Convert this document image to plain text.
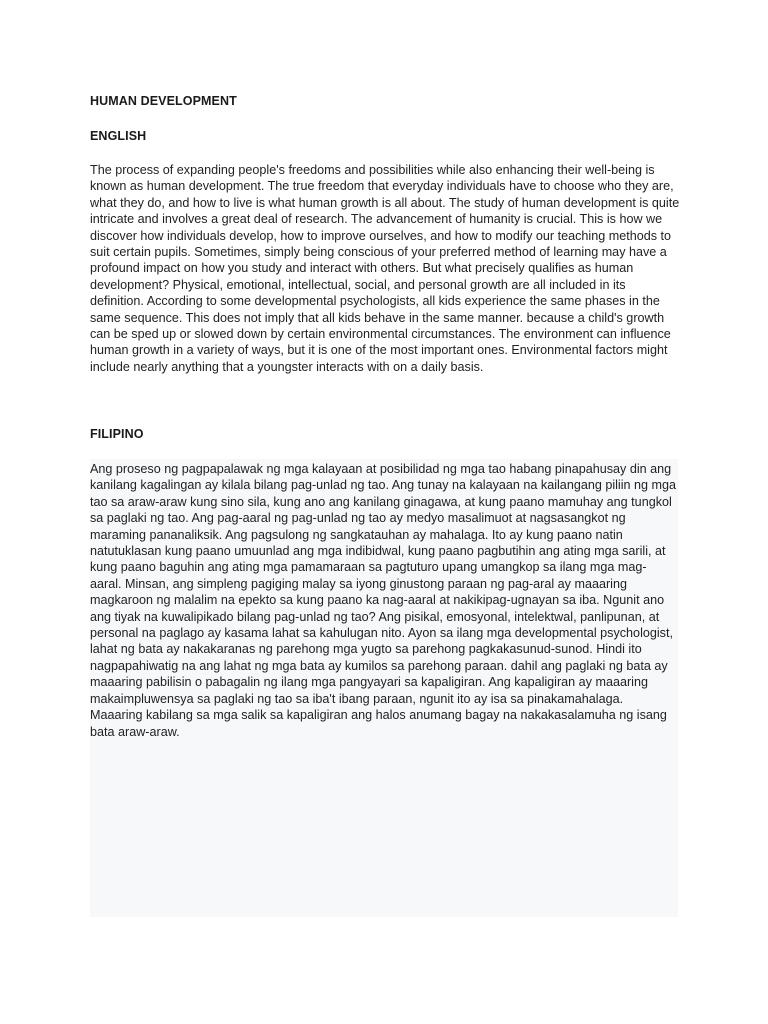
HUMAN DEVELOPMENT
ENGLISH

The process of expanding people's freedoms and possibilities while also enhancing their well-being is known as human development. The true freedom that everyday individuals have to choose who they are, what they do, and how to live is what human growth is all about. The study of human development is quite intricate and involves a great deal of research. The advancement of humanity is crucial. This is how we discover how individuals develop, how to improve ourselves, and how to modify our teaching methods to suit certain pupils. Sometimes, simply being conscious of your preferred method of learning may have a profound impact on how you study and interact with others. But what precisely qualifies as human development? Physical, emotional, intellectual, social, and personal growth are all included in its definition. According to some developmental psychologists, all kids experience the same phases in the same sequence. This does not imply that all kids behave in the same manner. because a child's growth can be sped up or slowed down by certain environmental circumstances. The environment can influence human growth in a variety of ways, but it is one of the most important ones. Environmental factors might include nearly anything that a youngster interacts with on a daily basis.

FILIPINO

Ang proseso ng pagpapalawak ng mga kalayaan at posibilidad ng mga tao habang pinapahusay din ang kanilang kagalingan ay kilala bilang pag-unlad ng tao. Ang tunay na kalayaan na kailangang piliin ng mga tao sa araw-araw kung sino sila, kung ano ang kanilang ginagawa, at kung paano mamuhay ang tungkol sa paglaki ng tao. Ang pag-aaral ng pag-unlad ng tao ay medyo masalimuot at nagsasangkot ng maraming pananaliksik. Ang pagsulong ng sangkatauhan ay mahalaga. Ito ay kung paano natin natutuklasan kung paano umuunlad ang mga indibidwal, kung paano pagbutihin ang ating mga sarili, at kung paano baguhin ang ating mga pamamaraan sa pagtuturo upang umangkop sa ilang mga mag-aaral. Minsan, ang simpleng pagiging malay sa iyong ginustong paraan ng pag-aral ay maaaring magkaroon ng malalim na epekto sa kung paano ka nag-aaral at nakikipag-ugnayan sa iba. Ngunit ano ang tiyak na kuwalipikado bilang pag-unlad ng tao? Ang pisikal, emosyonal, intelektwal, panlipunan, at personal na paglago ay kasama lahat sa kahulugan nito. Ayon sa ilang mga developmental psychologist, lahat ng bata ay nakakaranas ng parehong mga yugto sa parehong pagkakasunud-sunod. Hindi ito nagpapahiwatig na ang lahat ng mga bata ay kumilos sa parehong paraan. dahil ang paglaki ng bata ay maaaring pabilisin o pabagalin ng ilang mga pangyayari sa kapaligiran. Ang kapaligiran ay maaaring makaimpluwensya sa paglaki ng tao sa iba't ibang paraan, ngunit ito ay isa sa pinakamahalaga. Maaaring kabilang sa mga salik sa kapaligiran ang halos anumang bagay na nakakasalamuha ng isang bata araw-araw.
